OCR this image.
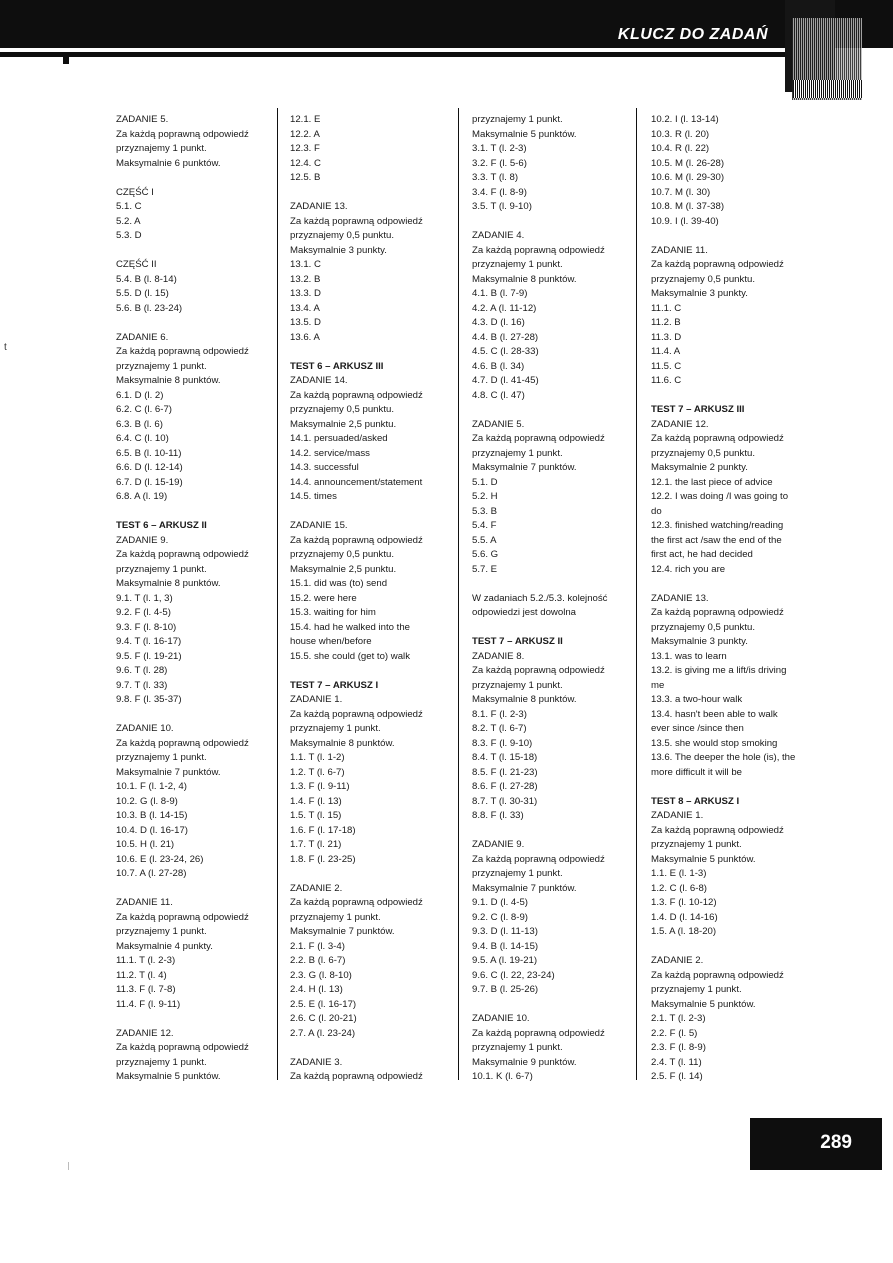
KLUCZ DO ZADAŃ
t
ZADANIE 5.
Za każdą poprawną odpowiedź
przyznajemy 1 punkt.
Maksymalnie 6 punktów.
CZĘŚĆ I
5.1. C
5.2. A
5.3. D
CZĘŚĆ II
5.4. B (l. 8-14)
5.5. D (l. 15)
5.6. B (l. 23-24)
ZADANIE 6.
Za każdą poprawną odpowiedź
przyznajemy 1 punkt.
Maksymalnie 8 punktów.
6.1. D (l. 2)
6.2. C (l. 6-7)
6.3. B (l. 6)
6.4. C (l. 10)
6.5. B (l. 10-11)
6.6. D (l. 12-14)
6.7. D (l. 15-19)
6.8. A (l. 19)
TEST 6 – ARKUSZ II
ZADANIE 9.
Za każdą poprawną odpowiedź
przyznajemy 1 punkt.
Maksymalnie 8 punktów.
9.1. T (l. 1, 3)
9.2. F (l. 4-5)
9.3. F (l. 8-10)
9.4. T (l. 16-17)
9.5. F (l. 19-21)
9.6. T (l. 28)
9.7. T (l. 33)
9.8. F (l. 35-37)
ZADANIE 10.
Za każdą poprawną odpowiedź
przyznajemy 1 punkt.
Maksymalnie 7 punktów.
10.1. F (l. 1-2, 4)
10.2. G (l. 8-9)
10.3. B (l. 14-15)
10.4. D (l. 16-17)
10.5. H (l. 21)
10.6. E (l. 23-24, 26)
10.7. A (l. 27-28)
ZADANIE 11.
Za każdą poprawną odpowiedź
przyznajemy 1 punkt.
Maksymalnie 4 punkty.
11.1. T (l. 2-3)
11.2. T (l. 4)
11.3. F (l. 7-8)
11.4. F (l. 9-11)
ZADANIE 12.
Za każdą poprawną odpowiedź
przyznajemy 1 punkt.
Maksymalnie 5 punktów.
12.1. E
12.2. A
12.3. F
12.4. C
12.5. B
ZADANIE 13.
Za każdą poprawną odpowiedź
przyznajemy 0,5 punktu.
Maksymalnie 3 punkty.
13.1. C
13.2. B
13.3. D
13.4. A
13.5. D
13.6. A
TEST 6 – ARKUSZ III
ZADANIE 14.
Za każdą poprawną odpowiedź
przyznajemy 0,5 punktu.
Maksymalnie 2,5 punktu.
14.1. persuaded/asked
14.2. service/mass
14.3. successful
14.4. announcement/statement
14.5. times
ZADANIE 15.
Za każdą poprawną odpowiedź
przyznajemy 0,5 punktu.
Maksymalnie 2,5 punktu.
15.1. did was (to) send
15.2. were here
15.3. waiting for him
15.4. had he walked into the
house when/before
15.5. she could (get to) walk
TEST 7 – ARKUSZ I
ZADANIE 1.
Za każdą poprawną odpowiedź
przyznajemy 1 punkt.
Maksymalnie 8 punktów.
1.1. T (l. 1-2)
1.2. T (l. 6-7)
1.3. F (l. 9-11)
1.4. F (l. 13)
1.5. T (l. 15)
1.6. F (l. 17-18)
1.7. T (l. 21)
1.8. F (l. 23-25)
ZADANIE 2.
Za każdą poprawną odpowiedź
przyznajemy 1 punkt.
Maksymalnie 7 punktów.
2.1. F (l. 3-4)
2.2. B (l. 6-7)
2.3. G (l. 8-10)
2.4. H (l. 13)
2.5. E (l. 16-17)
2.6. C (l. 20-21)
2.7. A (l. 23-24)
ZADANIE 3.
Za każdą poprawną odpowiedź
przyznajemy 1 punkt.
Maksymalnie 5 punktów.
3.1. T (l. 2-3)
3.2. F (l. 5-6)
3.3. T (l. 8)
3.4. F (l. 8-9)
3.5. T (l. 9-10)
ZADANIE 4.
Za każdą poprawną odpowiedź
przyznajemy 1 punkt.
Maksymalnie 8 punktów.
4.1. B (l. 7-9)
4.2. A (l. 11-12)
4.3. D (l. 16)
4.4. B (l. 27-28)
4.5. C (l. 28-33)
4.6. B (l. 34)
4.7. D (l. 41-45)
4.8. C (l. 47)
ZADANIE 5.
Za każdą poprawną odpowiedź
przyznajemy 1 punkt.
Maksymalnie 7 punktów.
5.1. D
5.2. H
5.3. B
5.4. F
5.5. A
5.6. G
5.7. E
W zadaniach 5.2./5.3. kolejność
odpowiedzi jest dowolna
TEST 7 – ARKUSZ II
ZADANIE 8.
Za każdą poprawną odpowiedź
przyznajemy 1 punkt.
Maksymalnie 8 punktów.
8.1. F (l. 2-3)
8.2. T (l. 6-7)
8.3. F (l. 9-10)
8.4. T (l. 15-18)
8.5. F (l. 21-23)
8.6. F (l. 27-28)
8.7. T (l. 30-31)
8.8. F (l. 33)
ZADANIE 9.
Za każdą poprawną odpowiedź
przyznajemy 1 punkt.
Maksymalnie 7 punktów.
9.1. D (l. 4-5)
9.2. C (l. 8-9)
9.3. D (l. 11-13)
9.4. B (l. 14-15)
9.5. A (l. 19-21)
9.6. C (l. 22, 23-24)
9.7. B (l. 25-26)
ZADANIE 10.
Za każdą poprawną odpowiedź
przyznajemy 1 punkt.
Maksymalnie 9 punktów.
10.1. K (l. 6-7)
10.2. I (l. 13-14)
10.3. R (l. 20)
10.4. R (l. 22)
10.5. M (l. 26-28)
10.6. M (l. 29-30)
10.7. M (l. 30)
10.8. M (l. 37-38)
10.9. I (l. 39-40)
ZADANIE 11.
Za każdą poprawną odpowiedź
przyznajemy 0,5 punktu.
Maksymalnie 3 punkty.
11.1. C
11.2. B
11.3. D
11.4. A
11.5. C
11.6. C
TEST 7 – ARKUSZ III
ZADANIE 12.
Za każdą poprawną odpowiedź
przyznajemy 0,5 punktu.
Maksymalnie 2 punkty.
12.1. the last piece of advice
12.2. I was doing /I was going to
do
12.3. finished watching/reading
the first act /saw the end of the
first act, he had decided
12.4. rich you are
ZADANIE 13.
Za każdą poprawną odpowiedź
przyznajemy 0,5 punktu.
Maksymalnie 3 punkty.
13.1. was to learn
13.2. is giving me a lift/is driving
me
13.3. a two-hour walk
13.4. hasn't been able to walk
ever since /since then
13.5. she would stop smoking
13.6. The deeper the hole (is), the
more difficult it will be
TEST 8 – ARKUSZ I
ZADANIE 1.
Za każdą poprawną odpowiedź
przyznajemy 1 punkt.
Maksymalnie 5 punktów.
1.1. E (l. 1-3)
1.2. C (l. 6-8)
1.3. F (l. 10-12)
1.4. D (l. 14-16)
1.5. A (l. 18-20)
ZADANIE 2.
Za każdą poprawną odpowiedź
przyznajemy 1 punkt.
Maksymalnie 5 punktów.
2.1. T (l. 2-3)
2.2. F (l. 5)
2.3. F (l. 8-9)
2.4. T (l. 11)
2.5. F (l. 14)
289
